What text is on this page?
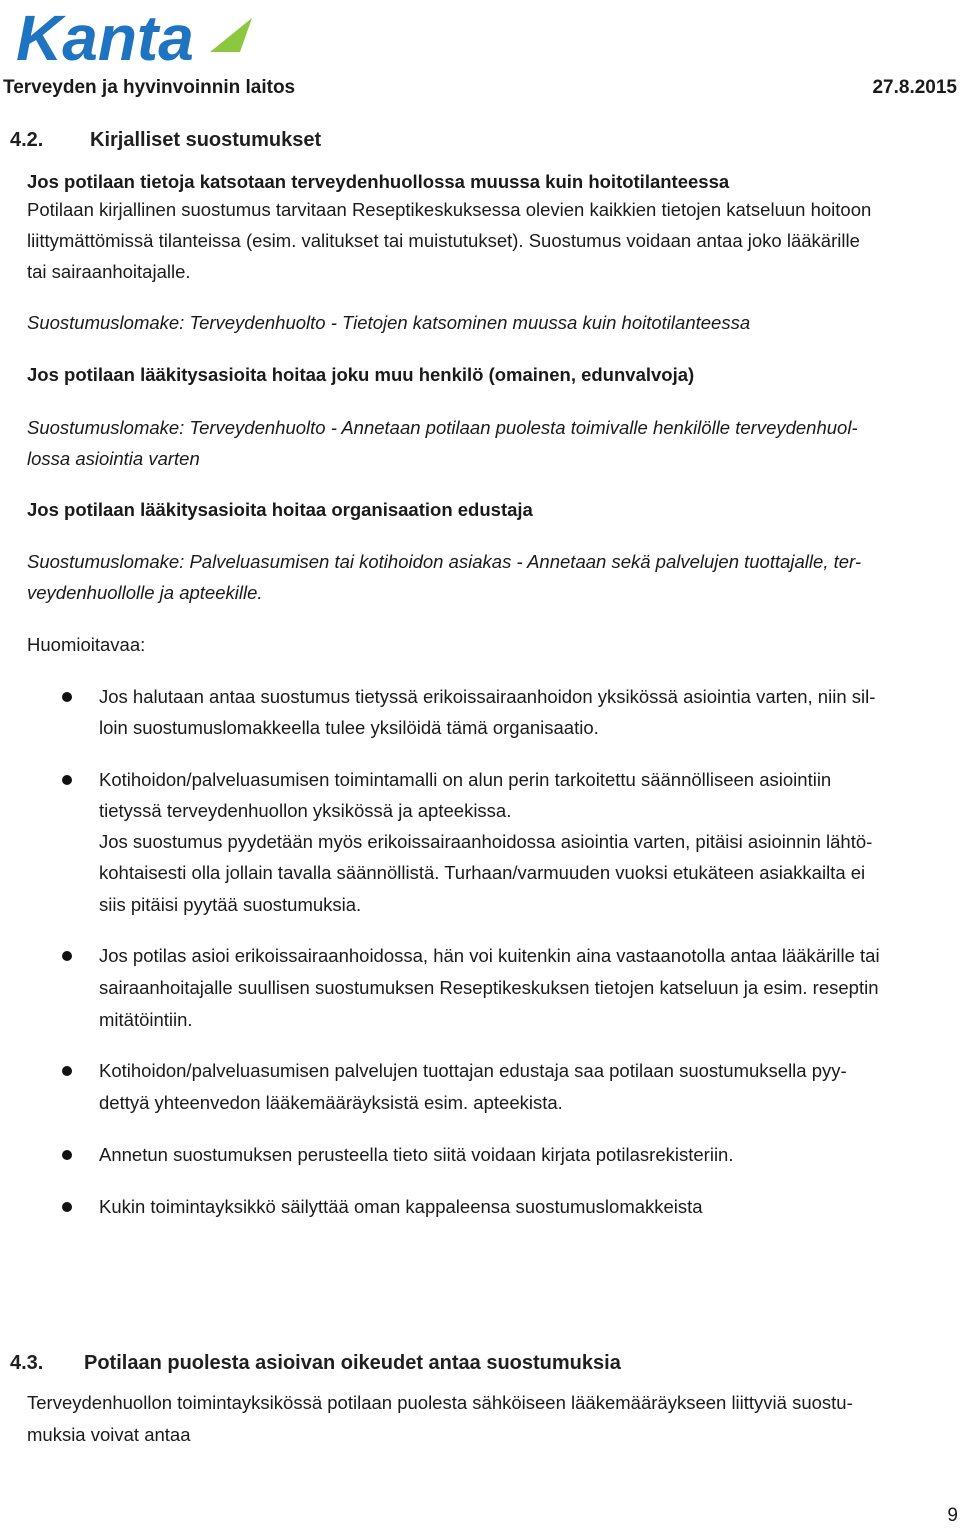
Kanta
Terveyden ja hyvinvoinnin laitos	27.8.2015
4.2. Kirjalliset suostumukset
Jos potilaan tietoja katsotaan terveydenhuollossa muussa kuin hoitotilanteessa
Potilaan kirjallinen suostumus tarvitaan Reseptikeskuksessa olevien kaikkien tietojen katseluun hoitoon
liittymättömissä tilanteissa (esim. valitukset tai muistutukset). Suostumus voidaan antaa joko lääkärille
tai sairaanhoitajalle.
Suostumuslomake: Terveydenhuolto - Tietojen katsominen muussa kuin hoitotilanteessa
Jos potilaan lääkitysasioita hoitaa joku muu henkilö (omainen, edunvalvoja)
Suostumuslomake: Terveydenhuolto - Annetaan potilaan puolesta toimivalle henkilölle terveydenhuol-
lossa asiointia varten
Jos potilaan lääkitysasioita hoitaa organisaation edustaja
Suostumuslomake: Palveluasumisen tai kotihoidon asiakas - Annetaan sekä palvelujen tuottajalle, ter-
veydenhuollolle ja apteekille.
Huomioitavaa:
Jos halutaan antaa suostumus tietyssä erikoissairaanhoidon yksikössä asiointia varten, niin sil-
loin suostumuslomakkeella tulee yksilöidä tämä organisaatio.
Kotihoidon/palveluasumisen toimintamalli on alun perin tarkoitettu säännölliseen asiointiin
tietyssä terveydenhuollon yksikössä ja apteekissa.
Jos suostumus pyydetään myös erikoissairaanhoidossa asiointia varten, pitäisi asioinnin lähtö-
kohtaisesti olla jollain tavalla säännöllistä. Turhaan/varmuuden vuoksi etukäteen asiakkailta ei
siis pitäisi pyytää suostumuksia.
Jos potilas asioi erikoissairaanhoidossa, hän voi kuitenkin aina vastaanotolla antaa lääkärille tai
sairaanhoitajalle suullisen suostumuksen Reseptikeskuksen tietojen katseluun ja esim. reseptin
mitätöintiin.
Kotihoidon/palveluasumisen palvelujen tuottajan edustaja saa potilaan suostumuksella pyy-
dettyä yhteenvedon lääkemääräyksistä esim. apteekista.
Annetun suostumuksen perusteella tieto siitä voidaan kirjata potilasrekisteriin.
Kukin toimintayksikkö säilyttää oman kappaleensa suostumuslomakkeista
4.3. Potilaan puolesta asioivan oikeudet antaa suostumuksia
Terveydenhuollon toimintayksikössä potilaan puolesta sähköiseen lääkemääräykseen liittyviä suostu-
muksia voivat antaa
9
